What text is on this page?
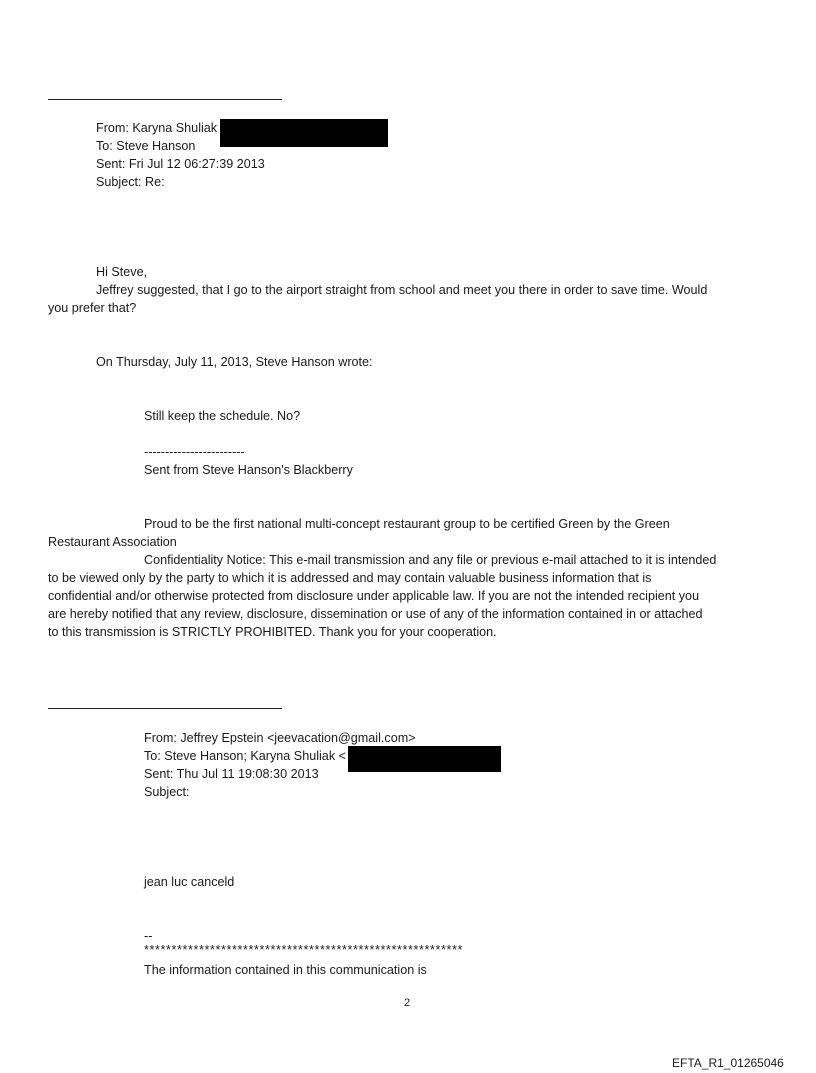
From: Karyna Shuliak
To: Steve Hanson
Sent: Fri Jul 12 06:27:39 2013
Subject: Re:
Hi Steve,
Jeffrey suggested, that I go to the airport straight from school and meet you there in order to save time. Would
you prefer that?
On Thursday, July 11, 2013, Steve Hanson wrote:
Still keep the schedule. No?
------------------------
Sent from Steve Hanson's Blackberry
Proud to be the first national multi-concept restaurant group to be certified Green by the Green
Restaurant Association
Confidentiality Notice: This e-mail transmission and any file or previous e-mail attached to it is intended
to be viewed only by the party to which it is addressed and may contain valuable business information that is
confidential and/or otherwise protected from disclosure under applicable law. If you are not the intended recipient you
are hereby notified that any review, disclosure, dissemination or use of any of the information contained in or attached
to this transmission is STRICTLY PROHIBITED. Thank you for your cooperation.
From: Jeffrey Epstein <jeevacation@gmail.com>
To: Steve Hanson; Karyna Shuliak <
Sent: Thu Jul 11 19:08:30 2013
Subject:
jean luc canceld
--
**********************************************************
The information contained in this communication is
2
EFTA_R1_01265046
